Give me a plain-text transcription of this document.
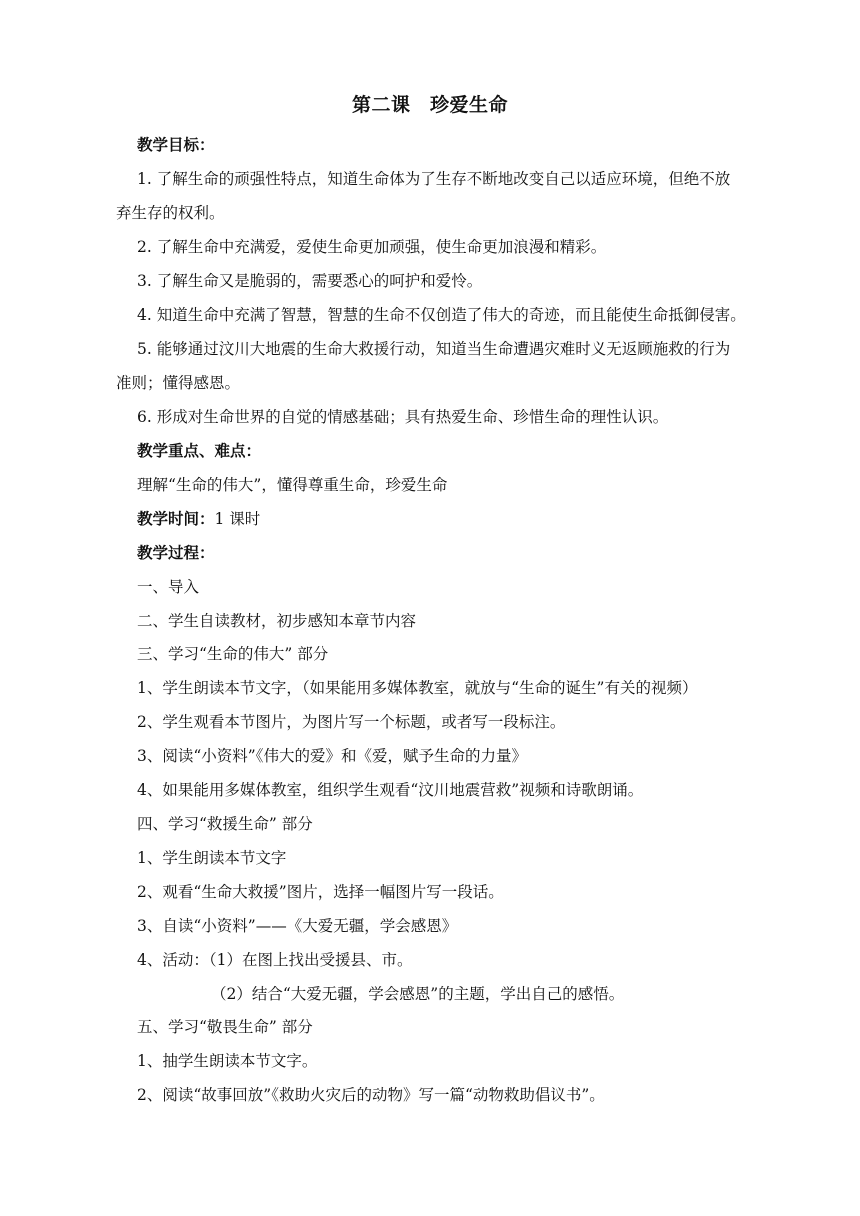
第二课　珍爱生命
教学目标：
1. 了解生命的顽强性特点，知道生命体为了生存不断地改变自己以适应环境，但绝不放
弃生存的权利。
2. 了解生命中充满爱，爱使生命更加顽强，使生命更加浪漫和精彩。
3. 了解生命又是脆弱的，需要悉心的呵护和爱怜。
4. 知道生命中充满了智慧，智慧的生命不仅创造了伟大的奇迹，而且能使生命抵御侵害。
5. 能够通过汶川大地震的生命大救援行动，知道当生命遭遇灾难时义无返顾施救的行为
准则；懂得感恩。
6. 形成对生命世界的自觉的情感基础；具有热爱生命、珍惜生命的理性认识。
教学重点、难点：
理解“生命的伟大”，懂得尊重生命，珍爱生命
教学时间：1 课时
教学过程：
一、导入
二、学生自读教材，初步感知本章节内容
三、学习“生命的伟大” 部分
1、学生朗读本节文字，（如果能用多媒体教室，就放与“生命的诞生”有关的视频）
2、学生观看本节图片，为图片写一个标题，或者写一段标注。
3、阅读“小资料”《伟大的爱》和《爱，赋予生命的力量》
4、如果能用多媒体教室，组织学生观看“汶川地震营救”视频和诗歌朗诵。
四、学习“救援生命” 部分
1、学生朗读本节文字
2、观看“生命大救援”图片，选择一幅图片写一段话。
3、自读“小资料”——《大爱无疆，学会感恩》
4、活动：（1）在图上找出受援县、市。
（2）结合“大爱无疆，学会感恩”的主题，学出自己的感悟。
五、学习“敬畏生命” 部分
1、抽学生朗读本节文字。
2、阅读“故事回放”《救助火灾后的动物》写一篇“动物救助倡议书”。
